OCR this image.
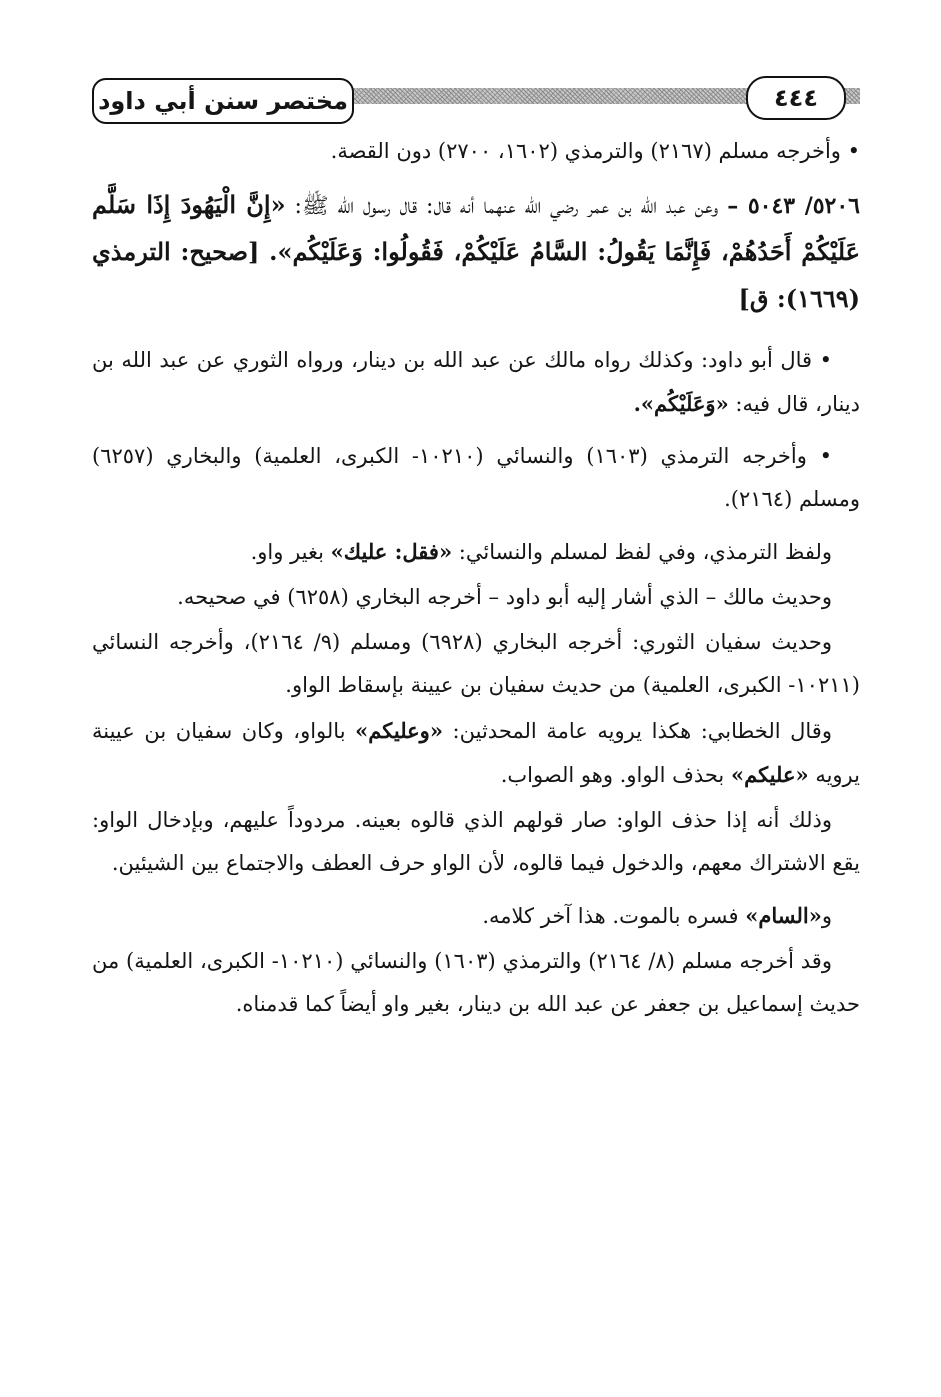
مختصر سنن أبي داود	٤٤٤

• وأخرجه مسلم (٢١٦٧) والترمذي (١٦٠٢، ٢٧٠٠) دون القصة.

٥٢٠٦/ ٥٠٤٣ – وعن عبد الله بن عمر رضي الله عنهما أنه قال: قال رسول الله ﷺ: «إِنَّ الْيَهُودَ إِذَا سَلَّم عَلَيْكُمْ أَحَدُهُمْ، فَإِنَّمَا يَقُولُ: السَّامُ عَلَيْكُمْ، فَقُولُوا: وَعَلَيْكُم». [صحيح: الترمذي (١٦٦٩): ق]

• قال أبو داود: وكذلك رواه مالك عن عبد الله بن دينار، ورواه الثوري عن عبد الله بن دينار، قال فيه: «وَعَلَيْكُم».

• وأخرجه الترمذي (١٦٠٣) والنسائي (١٠٢١٠- الكبرى، العلمية) والبخاري (٦٢٥٧) ومسلم (٢١٦٤).

ولفظ الترمذي، وفي لفظ لمسلم والنسائي: «فقل: عليك» بغير واو.

وحديث مالك – الذي أشار إليه أبو داود – أخرجه البخاري (٦٢٥٨) في صحيحه.

وحديث سفيان الثوري: أخرجه البخاري (٦٩٢٨) ومسلم (٩/ ٢١٦٤)، وأخرجه النسائي (١٠٢١١- الكبرى، العلمية) من حديث سفيان بن عيينة بإسقاط الواو.

وقال الخطابي: هكذا يرويه عامة المحدثين: «وعليكم» بالواو، وكان سفيان بن عيينة يرويه «عليكم» بحذف الواو. وهو الصواب.

وذلك أنه إذا حذف الواو: صار قولهم الذي قالوه بعينه. مردوداً عليهم، وبإدخال الواو: يقع الاشتراك معهم، والدخول فيما قالوه، لأن الواو حرف العطف والاجتماع بين الشيئين.

و«السام» فسره بالموت. هذا آخر كلامه.

وقد أخرجه مسلم (٨/ ٢١٦٤) والترمذي (١٦٠٣) والنسائي (١٠٢١٠- الكبرى، العلمية) من حديث إسماعيل بن جعفر عن عبد الله بن دينار، بغير واو أيضاً كما قدمناه.
